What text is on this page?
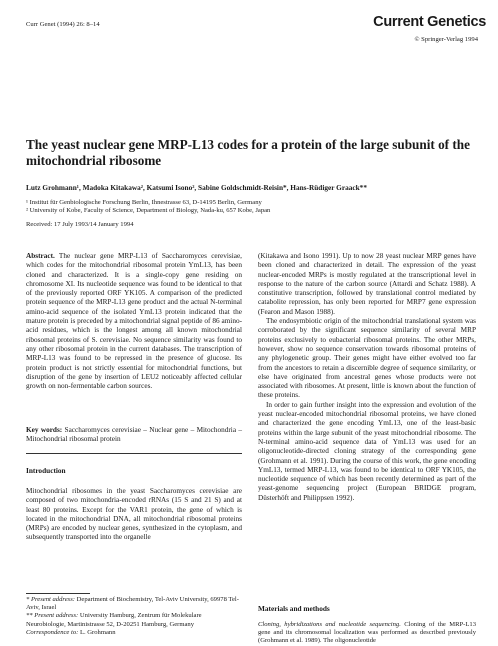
Curr Genet (1994) 26: 8–14	Current Genetics
© Springer-Verlag 1994
The yeast nuclear gene MRP-L13 codes for a protein of the large subunit of the mitochondrial ribosome
Lutz Grohmann¹, Madoka Kitakawa², Katsumi Isono², Sabine Goldschmidt-Reisin*, Hans-Rüdiger Graack**
¹ Institut für Genbiologische Forschung Berlin, Ihnestrasse 63, D-14195 Berlin, Germany
² University of Kobe, Faculty of Science, Department of Biology, Nada-ku, 657 Kobe, Japan
Received: 17 July 1993/14 January 1994
Abstract. The nuclear gene MRP-L13 of Saccharomyces cerevisiae, which codes for the mitochondrial ribosomal protein YmL13, has been cloned and characterized. It is a single-copy gene residing on chromosome XI. Its nucleotide sequence was found to be identical to that of the previously reported ORF YK105. A comparison of the predicted protein sequence of the MRP-L13 gene product and the actual N-terminal amino-acid sequence of the isolated YmL13 protein indicated that the mature protein is preceded by a mitochondrial signal peptide of 86 amino-acid residues, which is the longest among all known mitochondrial ribosomal proteins of S. cerevisiae. No sequence similarity was found to any other ribosomal protein in the current databases. The transcription of MRP-L13 was found to be repressed in the presence of glucose. Its protein product is not strictly essential for mitochondrial functions, but disruption of the gene by insertion of LEU2 noticeably affected cellular growth on non-fermentable carbon sources.
Key words: Saccharomyces cerevisiae – Nuclear gene – Mitochondria – Mitochondrial ribosomal protein
Introduction
Mitochondrial ribosomes in the yeast Saccharomyces cerevisiae are composed of two mitochondria-encoded rRNAs (15 S and 21 S) and at least 80 proteins. Except for the VAR1 protein, the gene of which is located in the mitochondrial DNA, all mitochondrial ribosomal proteins (MRPs) are encoded by nuclear genes, synthesized in the cytoplasm, and subsequently transported into the organelle
* Present address: Department of Biochemistry, Tel-Aviv University, 69978 Tel-Aviv, Israel
** Present address: University Hamburg, Zentrum für Molekulare Neurobiologie, Martinistrasse 52, D-20251 Hamburg, Germany
Correspondence to: L. Grohmann

(Kitakawa and Isono 1991). Up to now 28 yeast nuclear MRP genes have been cloned and characterized in detail. The expression of the yeast nuclear-encoded MRPs is mostly regulated at the transcriptional level in response to the nature of the carbon source (Attardi and Schatz 1988). A constitutive transcription, followed by translational control mediated by catabolite repression, has only been reported for MRP7 gene expression (Fearon and Mason 1988).

The endosymbiotic origin of the mitochondrial translational system was corroborated by the significant sequence similarity of several MRP proteins exclusively to eubacterial ribosomal proteins. The other MRPs, however, show no sequence conservation towards ribosomal proteins of any phylogenetic group. Their genes might have either evolved too far from the ancestors to retain a discernible degree of sequence similarity, or else have originated from ancestral genes whose products were not associated with ribosomes. At present, little is known about the function of these proteins.

In order to gain further insight into the expression and evolution of the yeast nuclear-encoded mitochondrial ribosomal proteins, we have cloned and characterized the gene encoding YmL13, one of the least-basic proteins within the large subunit of the yeast mitochondrial ribosome. The N-terminal amino-acid sequence data of YmL13 was used for an oligonucleotide-directed cloning strategy of the corresponding gene (Grohmann et al. 1991). During the course of this work, the gene encoding YmL13, termed MRP-L13, was found to be identical to ORF YK105, the nucleotide sequence of which has been recently determined as part of the yeast-genome sequencing project (European BRIDGE program, Düsterhöft and Philippsen 1992).

Materials and methods
Cloning, hybridizations and nucleotide sequencing. Cloning of the MRP-L13 gene and its chromosomal localization was performed as described previously (Grohmann et al. 1989). The oligonucleotide
